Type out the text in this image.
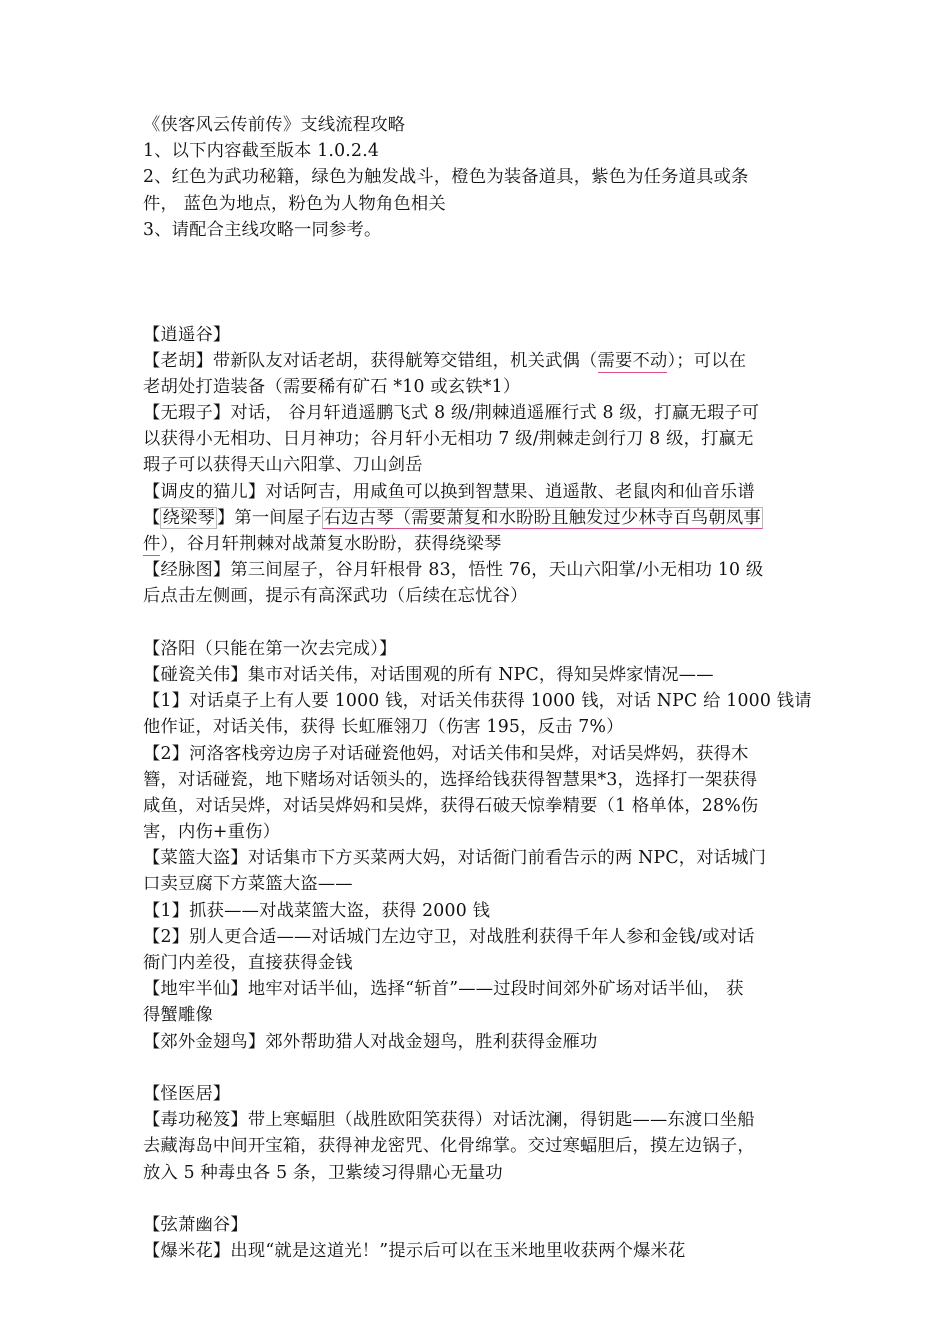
《侠客风云传前传》支线流程攻略
1、以下内容截至版本 1.0.2.4
2、红色为武功秘籍，绿色为触发战斗，橙色为装备道具，紫色为任务道具或条
件， 蓝色为地点，粉色为人物角色相关
3、请配合主线攻略一同参考。
【逍遥谷】
【老胡】带新队友对话老胡，获得觥筹交错组，机关武偶（需要不动）；可以在
老胡处打造装备（需要稀有矿石 *10 或玄铁*1）
【无瑕子】对话， 谷月轩逍遥鹏飞式 8 级/荆棘逍遥雁行式 8 级，打赢无瑕子可
以获得小无相功、日月神功；谷月轩小无相功 7 级/荆棘走剑行刀 8 级，打赢无
瑕子可以获得天山六阳掌、刀山剑岳
【调皮的猫儿】对话阿吉，用咸鱼可以换到智慧果、逍遥散、老鼠肉和仙音乐谱
【 绕梁琴 】第一间屋子 右边古琴（需要萧复和水盼盼且触发过少林寺百鸟朝凤事
件），谷月轩荆棘对战萧复水盼盼，获得绕梁琴
【经脉图】第三间屋子，谷月轩根骨 83，悟性 76，天山六阳掌/小无相功 10 级
后点击左侧画，提示有高深武功（后续在忘忧谷）
【洛阳（只能在第一次去完成）】
【碰瓷关伟】集市对话关伟，对话围观的所有 NPC，得知吴烨家情况——
【1】对话桌子上有人要 1000 钱，对话关伟获得 1000 钱，对话 NPC 给 1000 钱请
他作证，对话关伟，获得 长虹雁翎刀（伤害 195，反击 7%）
【2】河洛客栈旁边房子对话碰瓷他妈，对话关伟和吴烨，对话吴烨妈，获得木
簪，对话碰瓷，地下赌场对话领头的，选择给钱获得智慧果*3，选择打一架获得
咸鱼，对话吴烨，对话吴烨妈和吴烨，获得石破天惊拳精要（1 格单体，28%伤
害，内伤+重伤）
【菜篮大盗】对话集市下方买菜两大妈，对话衙门前看告示的两 NPC，对话城门
口卖豆腐下方菜篮大盗——
【1】抓获——对战菜篮大盗，获得 2000 钱
【2】别人更合适——对话城门左边守卫，对战胜利获得千年人参和金钱/或对话
衙门内差役，直接获得金钱
【地牢半仙】地牢对话半仙，选择“斩首”——过段时间郊外矿场对话半仙， 获
得蟹雕像
【郊外金翅鸟】郊外帮助猎人对战金翅鸟，胜利获得金雁功
【怪医居】
【毒功秘笈】带上寒蝠胆（战胜欧阳笑获得）对话沈澜，得钥匙——东渡口坐船
去藏海岛中间开宝箱，获得神龙密咒、化骨绵掌。交过寒蝠胆后，摸左边锅子，
放入 5 种毒虫各 5 条，卫紫绫习得鼎心无量功
【弦萧幽谷】
【爆米花】出现“就是这道光！”提示后可以在玉米地里收获两个爆米花
